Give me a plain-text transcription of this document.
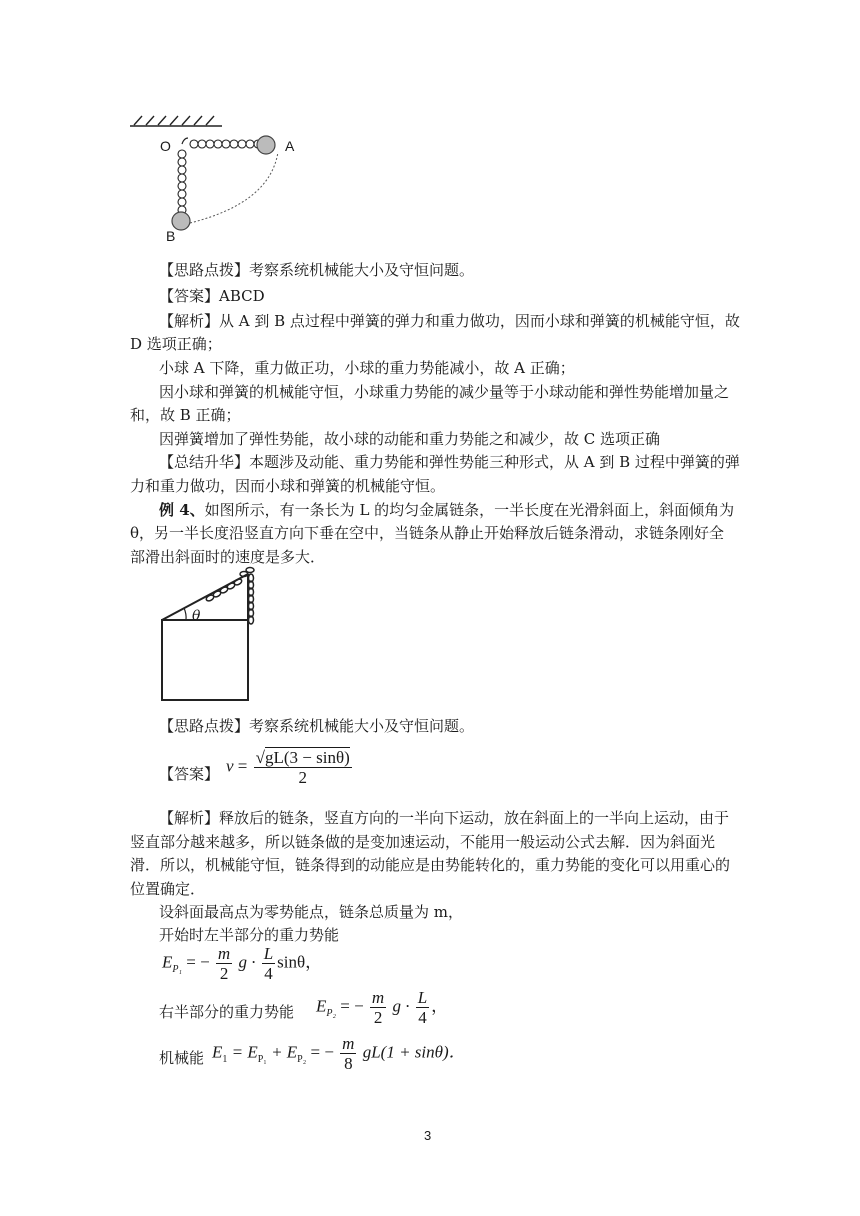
O	A
B
【思路点拨】考察系统机械能大小及守恒问题。
【答案】ABCD
【解析】从 A 到 B 点过程中弹簧的弹力和重力做功，因而小球和弹簧的机械能守恒，故
D 选项正确；
小球 A 下降，重力做正功，小球的重力势能减小，故 A 正确；
因小球和弹簧的机械能守恒，小球重力势能的减少量等于小球动能和弹性势能增加量之
和，故 B 正确；
因弹簧增加了弹性势能，故小球的动能和重力势能之和减少，故 C 选项正确
【总结升华】本题涉及动能、重力势能和弹性势能三种形式，从 A 到 B 过程中弹簧的弹
力和重力做功，因而小球和弹簧的机械能守恒。
例 4、如图所示，有一条长为 L 的均匀金属链条，一半长度在光滑斜面上，斜面倾角为
θ，另一半长度沿竖直方向下垂在空中，当链条从静止开始释放后链条滑动，求链条刚好全
部滑出斜面时的速度是多大．
θ
【思路点拨】考察系统机械能大小及守恒问题。
【答案】 $v = \frac{√gL(3 - \sin\theta)}{2}$
【解析】释放后的链条，竖直方向的一半向下运动，放在斜面上的一半向上运动，由于
竖直部分越来越多，所以链条做的是变加速运动，不能用一般运动公式去解．因为斜面光
滑．所以，机械能守恒，链条得到的动能应是由势能转化的，重力势能的变化可以用重心的
位置确定．
设斜面最高点为零势能点，链条总质量为 m，
开始时左半部分的重力势能
$E_{P_1}$ = − $\frac{m}{2}$ $g \cdot \frac{L}{4}$ sinθ，
右半部分的重力势能 $E_{P_2}$ = − $\frac{m}{2}$ $g \cdot \frac{L}{4}$ ，
机械能 $E_1 = E_{P_1} + E_{P_2}$ = − $\frac{m}{8} gL(1 + \sin\theta)$．
3
